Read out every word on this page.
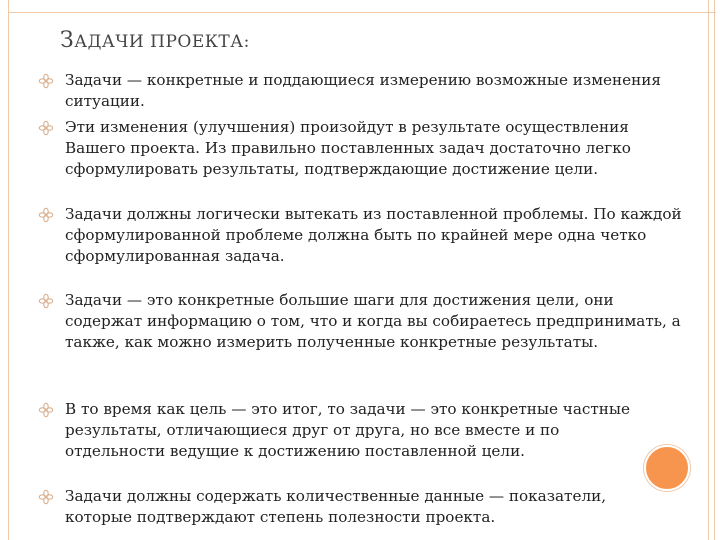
ЗАДАЧИ ПРОЕКТА:
Задачи — конкретные и поддающиеся измерению возможные изменения ситуации.
Эти изменения (улучшения) произойдут в результате осуществления Вашего проекта. Из правильно поставленных задач достаточно легко сформулировать результаты, подтверждающие достижение цели.
Задачи должны логически вытекать из поставленной проблемы. По каждой сформулированной проблеме должна быть по крайней мере одна четко сформулированная задача.
Задачи — это конкретные большие шаги для достижения цели, они содержат информацию о том, что и когда вы собираетесь предпринимать, а также, как можно измерить полученные конкретные результаты.
В то время как цель — это итог, то задачи — это конкретные частные результаты, отличающиеся друг от друга, но все вместе и по отдельности ведущие к достижению поставленной цели.
Задачи должны содержать количественные данные — показатели, которые подтверждают степень полезности проекта.
